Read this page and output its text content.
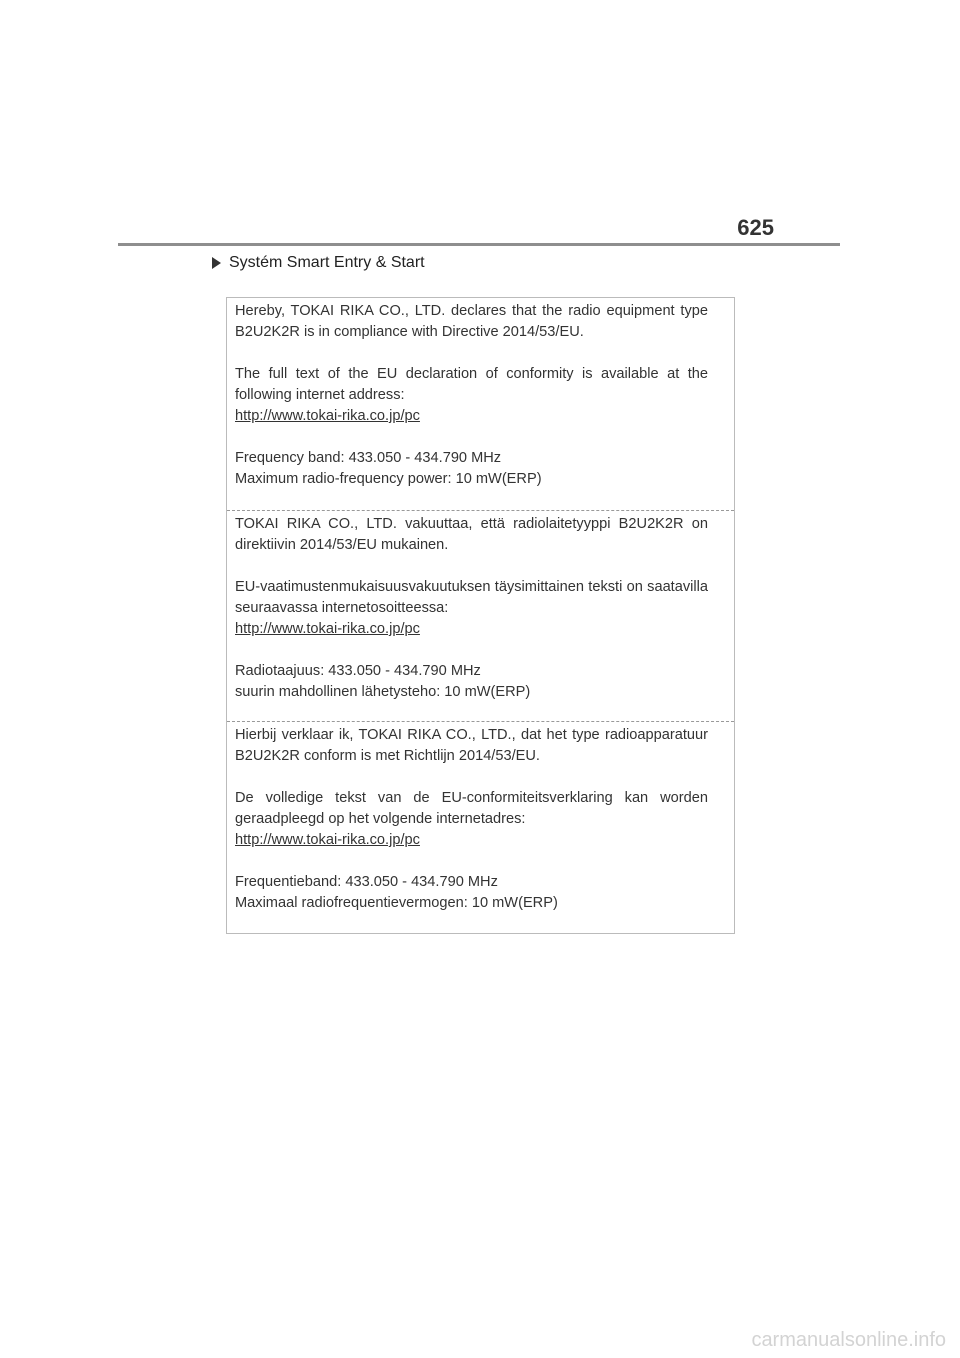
625
Systém Smart Entry & Start

Hereby, TOKAI RIKA CO., LTD. declares that the radio equipment type B2U2K2R is in compliance with Directive 2014/53/EU.

The full text of the EU declaration of conformity is available at the following internet address:
http://www.tokai-rika.co.jp/pc

Frequency band: 433.050 - 434.790 MHz
Maximum radio-frequency power: 10 mW(ERP)

TOKAI RIKA CO., LTD. vakuuttaa, että radiolaitetyyppi B2U2K2R on direktiivin 2014/53/EU mukainen.

EU-vaatimustenmukaisuusvakuutuksen täysimittainen teksti on saatavilla seuraavassa internetosoitteessa:
http://www.tokai-rika.co.jp/pc

Radiotaajuus: 433.050 - 434.790 MHz
suurin mahdollinen lähetysteho: 10 mW(ERP)

Hierbij verklaar ik, TOKAI RIKA CO., LTD., dat het type radioapparatuur B2U2K2R conform is met Richtlijn 2014/53/EU.

De volledige tekst van de EU-conformiteitsverklaring kan worden geraadpleegd op het volgende internetadres:
http://www.tokai-rika.co.jp/pc

Frequentieband: 433.050 - 434.790 MHz
Maximaal radiofrequentievermogen: 10 mW(ERP)

carmanualsonline.info
